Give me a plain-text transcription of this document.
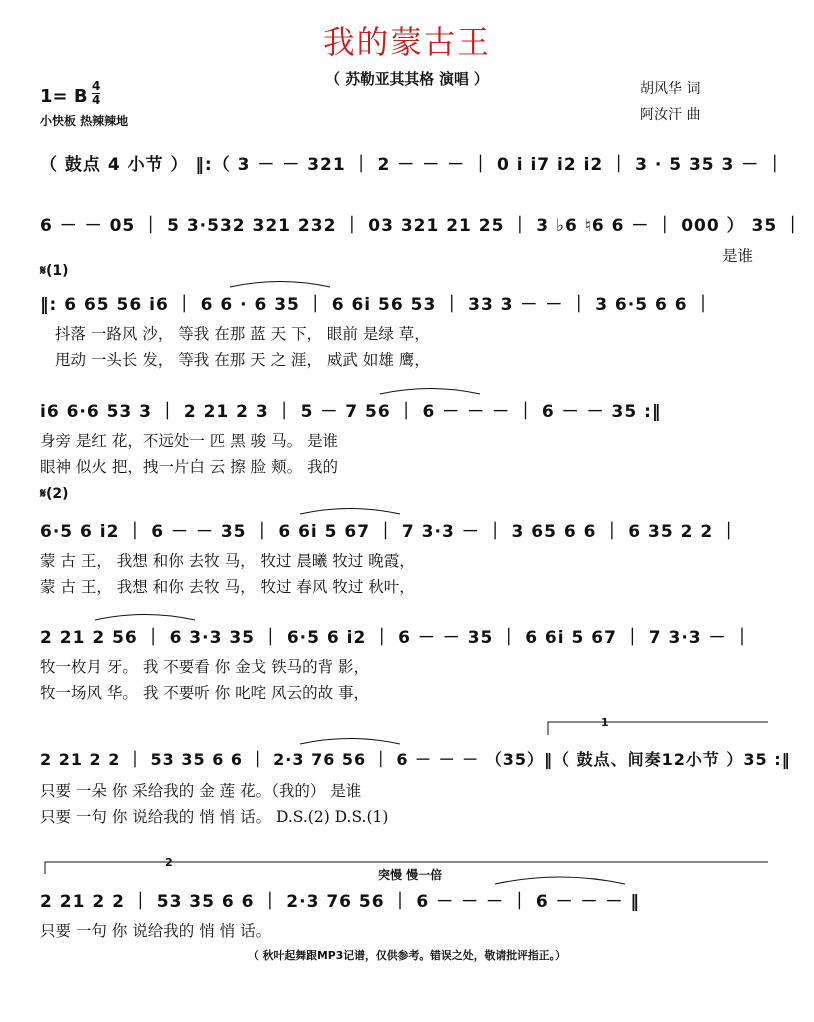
我的蒙古王
（ 苏勒亚其其格 演唱 ）
1= B 4
4
小快板 热辣辣地
胡风华 词
阿汝汗 曲
（ 鼓点 4 小节 ） ‖:（ 3 － － 321 ｜ 2 － － － ｜ 0 i i7 i2 i2 ｜ 3 · 5 35 3 － ｜
6 － － 05 ｜ 5 3·532 321 232 ｜ 03 321 21 25 ｜ 3 ♭6 ♮6 6 － ｜ 000 ） 35 ｜
是谁
𝄋(1)
‖: 6 65 56 i6 ｜ 6 6 · 6 35 ｜ 6 6i 56 53 ｜ 33 3 － － ｜ 3 6·5 6 6 ｜
抖落 一路风 沙， 等我 在那 蓝 天 下， 眼前 是绿 草，
甩动 一头长 发， 等我 在那 天 之 涯， 威武 如雄 鹰，
i6 6·6 53 3 ｜ 2 21 2 3 ｜ 5 － 7 56 ｜ 6 － － － ｜ 6 － － 35 :‖
身旁 是红 花，不远处一 匹 黑 骏 马。 是谁
眼神 似火 把，拽一片白 云 擦 脸 颊。 我的
𝄋(2)
6·5 6 i2 ｜ 6 － － 35 ｜ 6 6i 5 67 ｜ 7 3·3 － ｜ 3 65 6 6 ｜ 6 35 2 2 ｜
蒙 古 王， 我想 和你 去牧 马， 牧过 晨曦 牧过 晚霞，
蒙 古 王， 我想 和你 去牧 马， 牧过 春风 牧过 秋叶，
2 21 2 56 ｜ 6 3·3 35 ｜ 6·5 6 i2 ｜ 6 － － 35 ｜ 6 6i 5 67 ｜ 7 3·3 － ｜
牧一枚月 牙。 我 不要看 你 金戈 铁马的背 影，
牧一场风 华。 我 不要听 你 叱咤 风云的故 事，
1
2 21 2 2 ｜ 53 35 6 6 ｜ 2·3 76 56 ｜ 6 － － － （35）‖（ 鼓点、间奏12小节 ）35 :‖
只要 一朵 你 采给我的 金 莲 花。（我的） 是谁
只要 一句 你 说给我的 悄 悄 话。 D.S.(2) D.S.(1)
2
突慢 慢一倍
2 21 2 2 ｜ 53 35 6 6 ｜ 2·3 76 56 ｜ 6 － － － ｜ 6 － － － ‖
只要 一句 你 说给我的 悄 悄 话。
（ 秋叶起舞跟MP3记谱，仅供参考。错误之处，敬请批评指正。）
